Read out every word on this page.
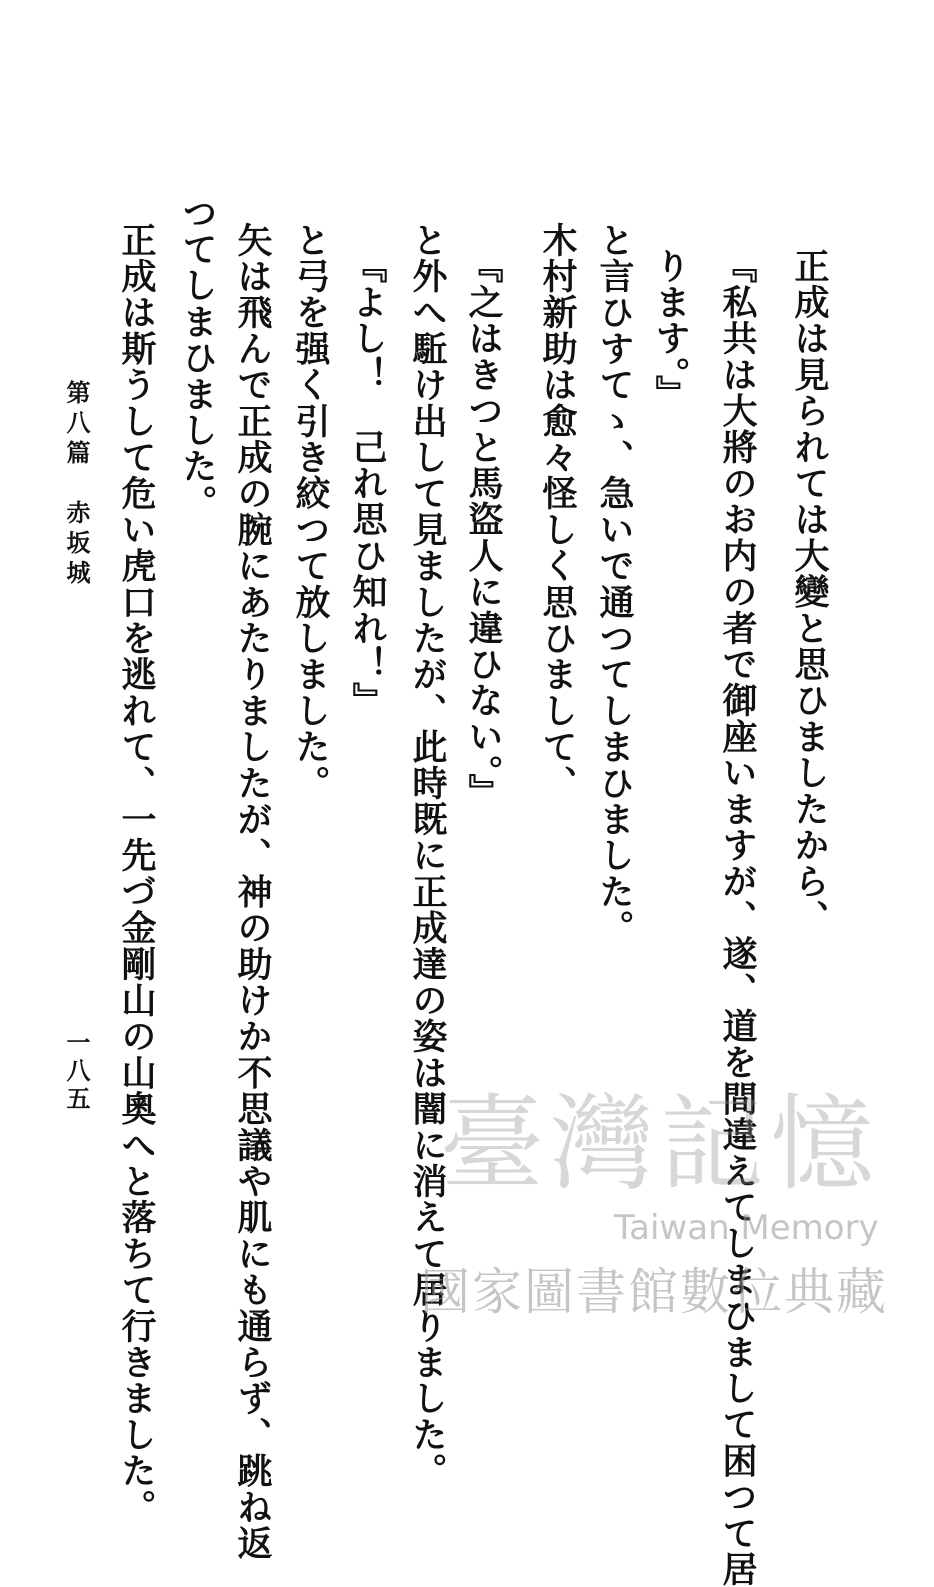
正成は見られては大變と思ひましたから、
『私共は大將のお内の者で御座いますが、遂、道を間違えてしまひまして困つて居
ります。』
と言ひすてゝ、急いで通つてしまひました。
木村新助は愈々怪しく思ひまして、
『之はきつと馬盜人に違ひない。』
と外へ駈け出して見ましたが、此時既に正成達の姿は闇に消えて居りました。
『よし！　己れ思ひ知れ！』
と弓を强く引き絞つて放しました。
矢は飛んで正成の腕にあたりましたが、神の助けか不思議や肌にも通らず、跳ね返
つてしまひました。
正成は斯うして危い虎口を逃れて、一先づ金剛山の山奧へと落ちて行きました。
第八篇　赤坂城
一八五
臺灣記憶
Taiwan Memory
國家圖書館數位典藏
